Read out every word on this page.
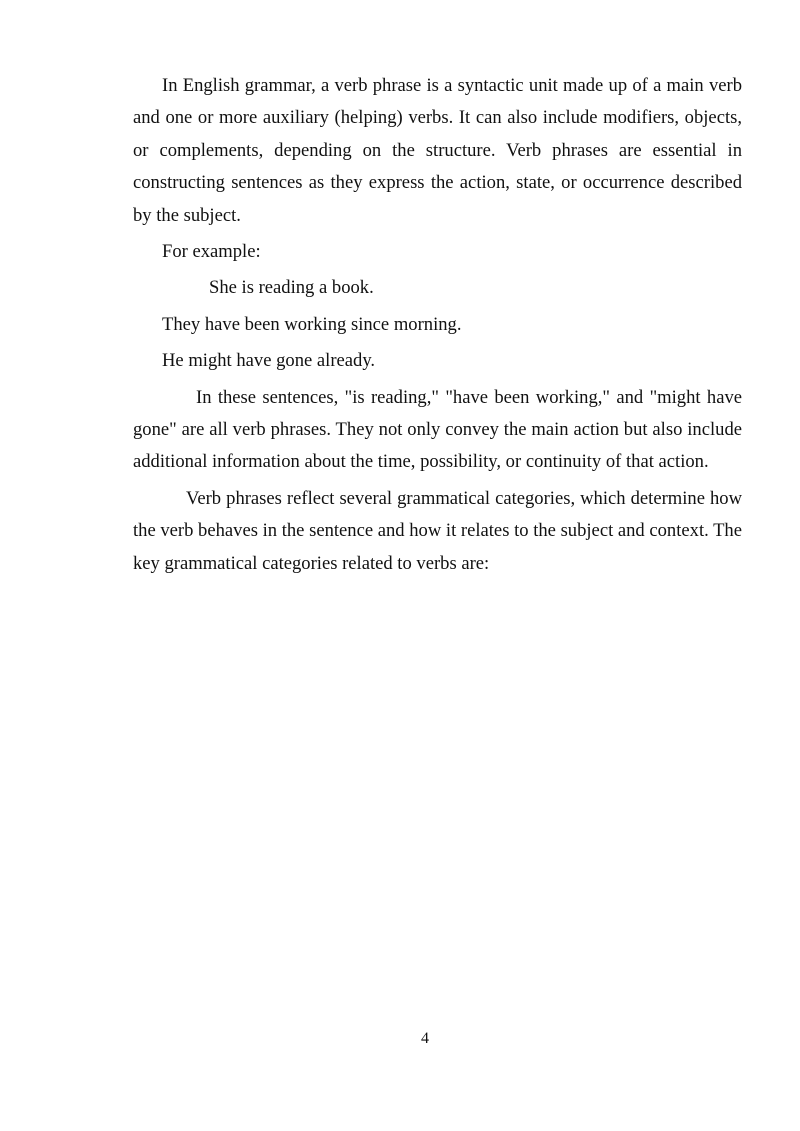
In English grammar, a verb phrase is a syntactic unit made up of a main verb and one or more auxiliary (helping) verbs. It can also include modifiers, objects, or complements, depending on the structure. Verb phrases are essential in constructing sentences as they express the action, state, or occurrence described by the subject.

For example:

She is reading a book.

They have been working since morning.

He might have gone already.

In these sentences, "is reading," "have been working," and "might have gone" are all verb phrases. They not only convey the main action but also include additional information about the time, possibility, or continuity of that action.

Verb phrases reflect several grammatical categories, which determine how the verb behaves in the sentence and how it relates to the subject and context. The key grammatical categories related to verbs are:

4
